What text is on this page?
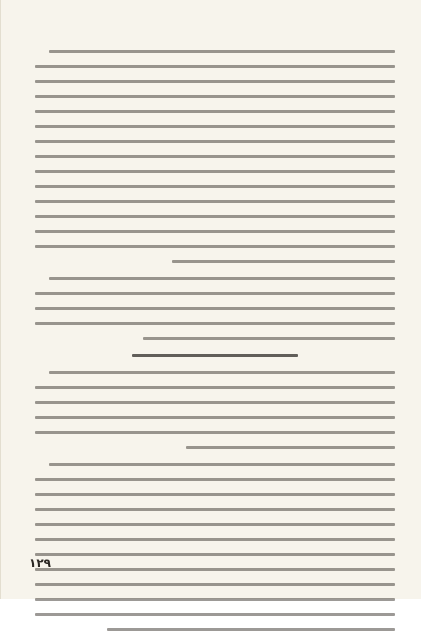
۱۲۹
